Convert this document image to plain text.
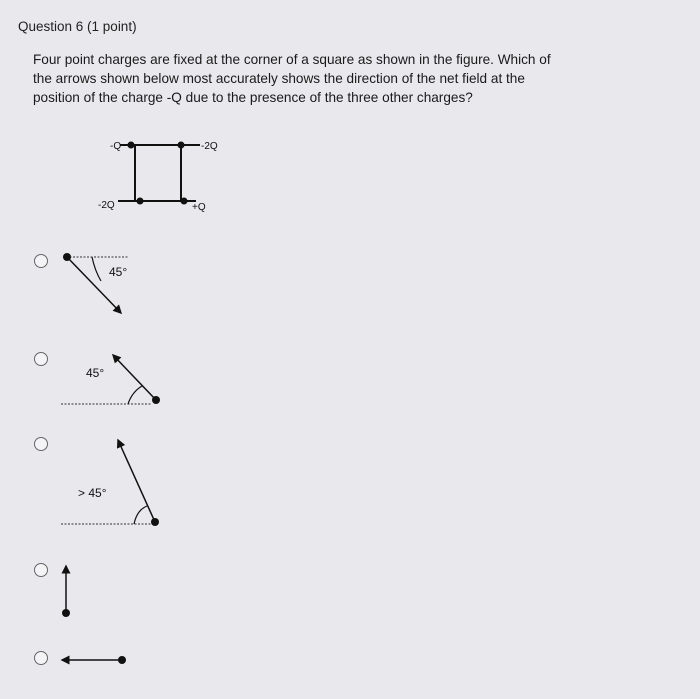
Question 6 (1 point)
Four point charges are fixed at the corner of a square as shown in the figure. Which of
the arrows shown below most accurately shows the direction of the net field at the
position of the charge -Q due to the presence of the three other charges?
-Q	-2Q
-2Q	+Q
45°
45°
> 45°
